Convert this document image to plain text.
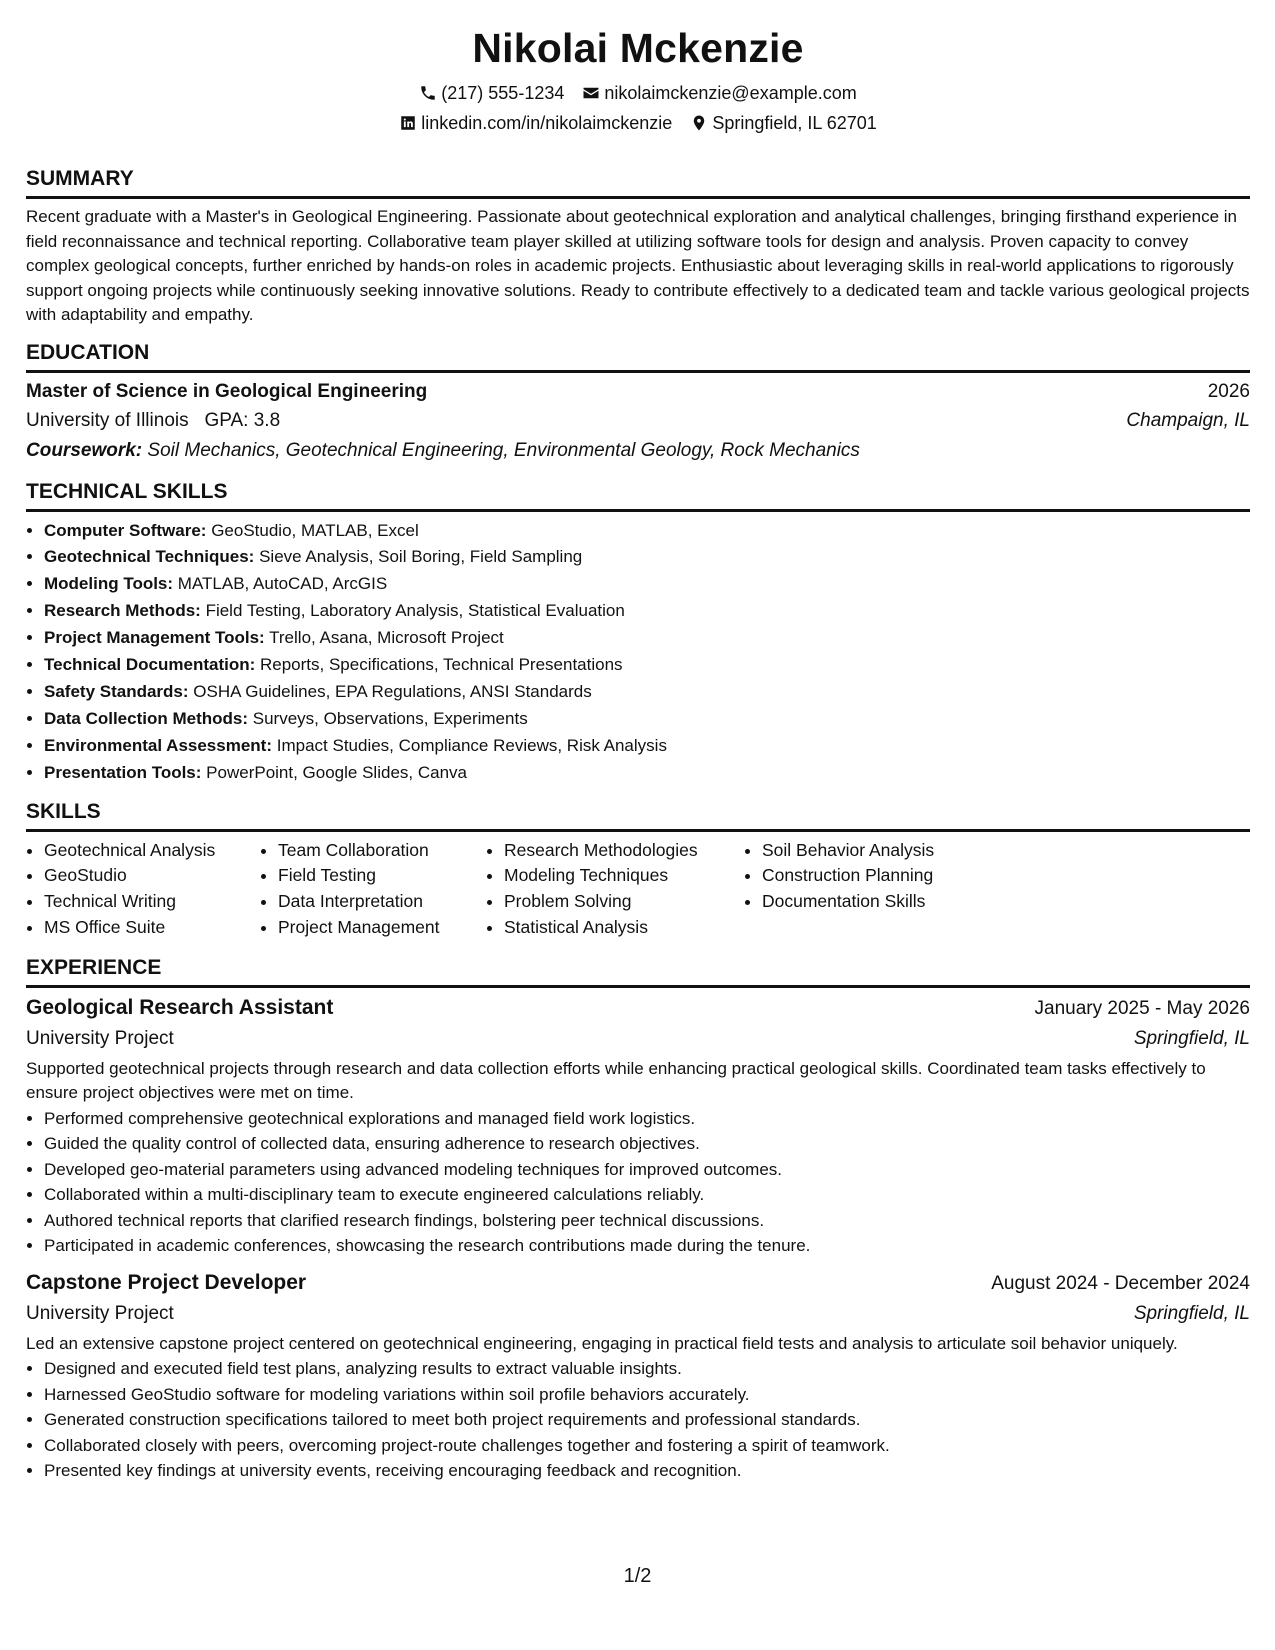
Nikolai Mckenzie
(217) 555-1234 nikolaimckenzie@example.com
linkedin.com/in/nikolaimckenzie Springfield, IL 62701
SUMMARY

Recent graduate with a Master's in Geological Engineering. Passionate about geotechnical exploration and analytical challenges, bringing firsthand experience in field reconnaissance and technical reporting. Collaborative team player skilled at utilizing software tools for design and analysis. Proven capacity to convey complex geological concepts, further enriched by hands-on roles in academic projects. Enthusiastic about leveraging skills in real-world applications to rigorously support ongoing projects while continuously seeking innovative solutions. Ready to contribute effectively to a dedicated team and tackle various geological projects with adaptability and empathy.

EDUCATION
Master of Science in Geological Engineering	2026
University of Illinois GPA: 3.8	Champaign, IL
Coursework: Soil Mechanics, Geotechnical Engineering, Environmental Geology, Rock Mechanics
TECHNICAL SKILLS
• Computer Software: GeoStudio, MATLAB, Excel
• Geotechnical Techniques: Sieve Analysis, Soil Boring, Field Sampling
• Modeling Tools: MATLAB, AutoCAD, ArcGIS
• Research Methods: Field Testing, Laboratory Analysis, Statistical Evaluation
• Project Management Tools: Trello, Asana, Microsoft Project
• Technical Documentation: Reports, Specifications, Technical Presentations
• Safety Standards: OSHA Guidelines, EPA Regulations, ANSI Standards
• Data Collection Methods: Surveys, Observations, Experiments
• Environmental Assessment: Impact Studies, Compliance Reviews, Risk Analysis
• Presentation Tools: PowerPoint, Google Slides, Canva
SKILLS
• Geotechnical Analysis
• GeoStudio
• Technical Writing
• MS Office Suite
• Team Collaboration
• Field Testing
• Data Interpretation
• Project Management
• Research Methodologies
• Modeling Techniques
• Problem Solving
• Statistical Analysis
• Soil Behavior Analysis
• Construction Planning
• Documentation Skills
EXPERIENCE
Geological Research Assistant	January 2025 - May 2026
University Project	Springfield, IL
Supported geotechnical projects through research and data collection efforts while enhancing practical geological skills. Coordinated team tasks effectively to ensure project objectives were met on time.
• Performed comprehensive geotechnical explorations and managed field work logistics.
• Guided the quality control of collected data, ensuring adherence to research objectives.
• Developed geo-material parameters using advanced modeling techniques for improved outcomes.
• Collaborated within a multi-disciplinary team to execute engineered calculations reliably.
• Authored technical reports that clarified research findings, bolstering peer technical discussions.
• Participated in academic conferences, showcasing the research contributions made during the tenure.
Capstone Project Developer	August 2024 - December 2024
University Project	Springfield, IL
Led an extensive capstone project centered on geotechnical engineering, engaging in practical field tests and analysis to articulate soil behavior uniquely.
• Designed and executed field test plans, analyzing results to extract valuable insights.
• Harnessed GeoStudio software for modeling variations within soil profile behaviors accurately.
• Generated construction specifications tailored to meet both project requirements and professional standards.
• Collaborated closely with peers, overcoming project-route challenges together and fostering a spirit of teamwork.
• Presented key findings at university events, receiving encouraging feedback and recognition.
1/2
